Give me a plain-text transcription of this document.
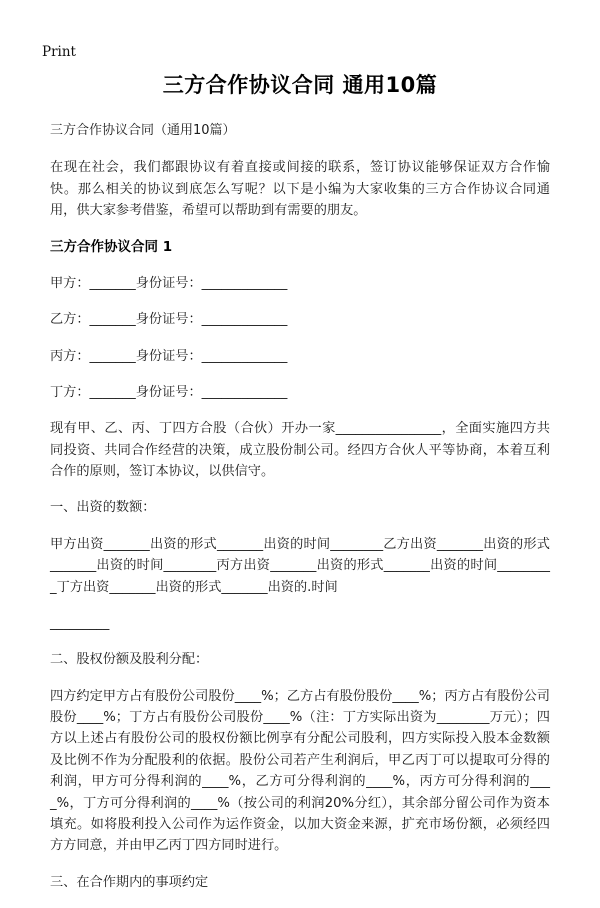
Print
三方合作协议合同 通用10篇
三方合作协议合同（通用10篇）

在现在社会，我们都跟协议有着直接或间接的联系，签订协议能够保证双方合作愉快。那么相关的协议到底怎么写呢？以下是小编为大家收集的三方合作协议合同通用，供大家参考借鉴，希望可以帮助到有需要的朋友。

三方合作协议合同 1
甲方：_______身份证号：_____________
乙方：_______身份证号：_____________
丙方：_______身份证号：_____________
丁方：_______身份证号：_____________

现有甲、乙、丙、丁四方合股（合伙）开办一家________________，全面实施四方共同投资、共同合作经营的决策，成立股份制公司。经四方合伙人平等协商，本着互利合作的原则，签订本协议，以供信守。

一、出资的数额：

甲方出资_______出资的形式_______出资的时间________乙方出资_______出资的形式_______出资的时间________丙方出资_______出资的形式_______出资的时间_________丁方出资_______出资的形式_______出资的.时间

_________
二、股权份额及股利分配：

四方约定甲方占有股份公司股份____%；乙方占有股份股份____%；丙方占有股份公司股份____%；丁方占有股份公司股份____%（注：丁方实际出资为________万元）；四方以上述占有股份公司的股权份额比例享有分配公司股利，四方实际投入股本金数额及比例不作为分配股利的依据。股份公司若产生利润后，甲乙丙丁可以提取可分得的利润，甲方可分得利润的____%，乙方可分得利润的____%，丙方可分得利润的____%，丁方可分得利润的____%（按公司的利润20%分红），其余部分留公司作为资本填充。如将股利投入公司作为运作资金，以加大资金来源，扩充市场份额，必须经四方方同意，并由甲乙丙丁四方同时进行。

三、在合作期内的事项约定
